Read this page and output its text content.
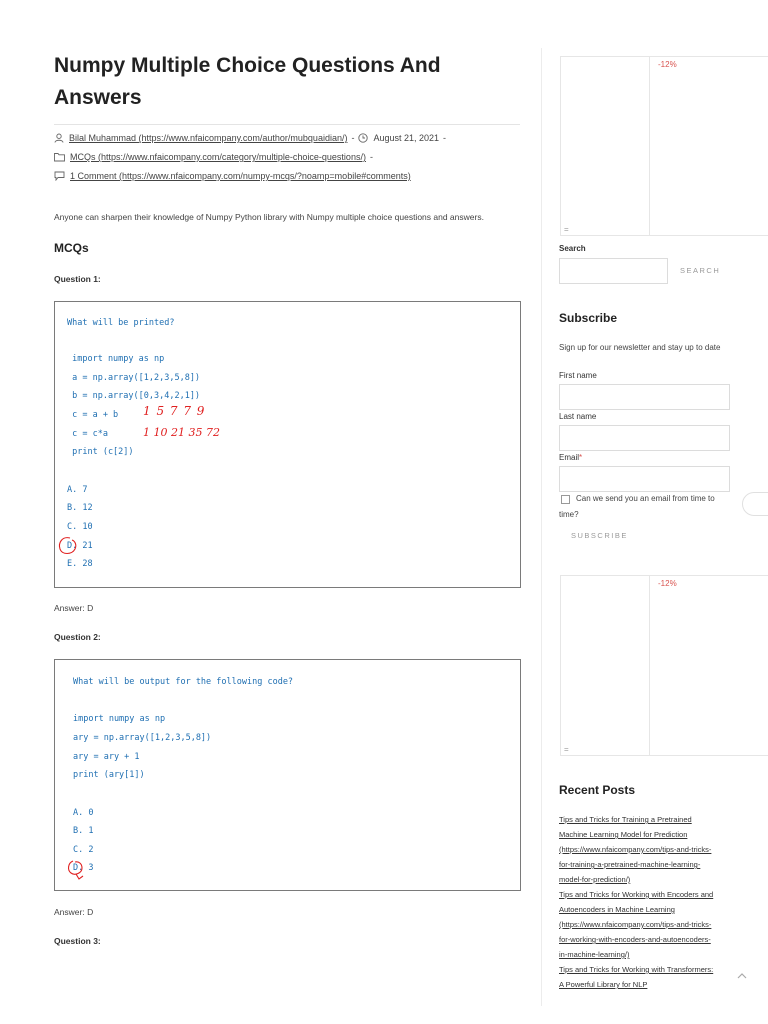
Numpy Multiple Choice Questions And Answers
Bilal Muhammad (https://www.nfaicompany.com/author/mubquaidian/) - August 21, 2021 -
MCQs (https://www.nfaicompany.com/category/multiple-choice-questions/) -
1 Comment (https://www.nfaicompany.com/numpy-mcqs/?noamp=mobile#comments)
Anyone can sharpen their knowledge of Numpy Python library with Numpy multiple choice questions and answers.
MCQs
Question 1:
What will be printed?
import numpy as np
a = np.array([1,2,3,5,8])
b = np.array([0,3,4,2,1])
c = a + b
c = c*a
print (c[2])
A. 7
B. 12
C. 10
D. 21
E. 28
1 5 7 7 9
1 10 21 35 72
Answer: D
Question 2:
What will be output for the following code?
import numpy as np
ary = np.array([1,2,3,5,8])
ary = ary + 1
print (ary[1])
A. 0
B. 1
C. 2
D. 3
Answer: D
Question 3:
-12%
=
Search
SEARCH
Subscribe
Sign up for our newsletter and stay up to date
First name
Last name
Email*
Can we send you an email from time to
time?
SUBSCRIBE
-12%
=
Recent Posts
Tips and Tricks for Training a Pretrained
Machine Learning Model for Prediction
(https://www.nfaicompany.com/tips-and-tricks-
for-training-a-pretrained-machine-learning-
model-for-prediction/)
Tips and Tricks for Working with Encoders and
Autoencoders in Machine Learning
(https://www.nfaicompany.com/tips-and-tricks-
for-working-with-encoders-and-autoencoders-
in-machine-learning/)
Tips and Tricks for Working with Transformers:
A Powerful Library for NLP
